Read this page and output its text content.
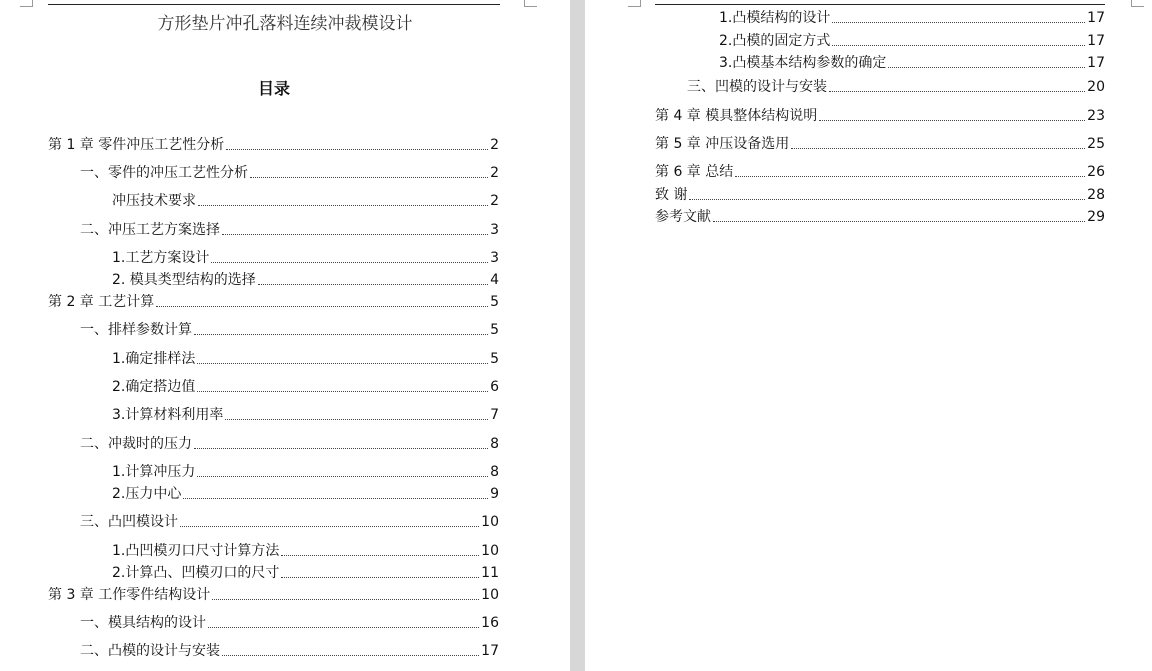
方形垫片冲孔落料连续冲裁模设计
目录
第 1 章 零件冲压工艺性分析	2
一、零件的冲压工艺性分析	2
冲压技术要求	2
二、冲压工艺方案选择	3
1.工艺方案设计	3
2. 模具类型结构的选择	4
第 2 章 工艺计算	5
一、排样参数计算	5
1.确定排样法	5
2.确定搭边值	6
3.计算材料利用率	7
二、冲裁时的压力	8
1.计算冲压力	8
2.压力中心	9
三、凸凹模设计	10
1.凸凹模刃口尺寸计算方法	10
2.计算凸、凹模刃口的尺寸	11
第 3 章 工作零件结构设计	10
一、模具结构的设计	16
二、凸模的设计与安装	17
1.凸模结构的设计	17
2.凸模的固定方式	17
3.凸模基本结构参数的确定	17
三、凹模的设计与安装	20
第 4 章 模具整体结构说明	23
第 5 章 冲压设备选用	25
第 6 章 总结	26
致 谢	28
参考文献	29
